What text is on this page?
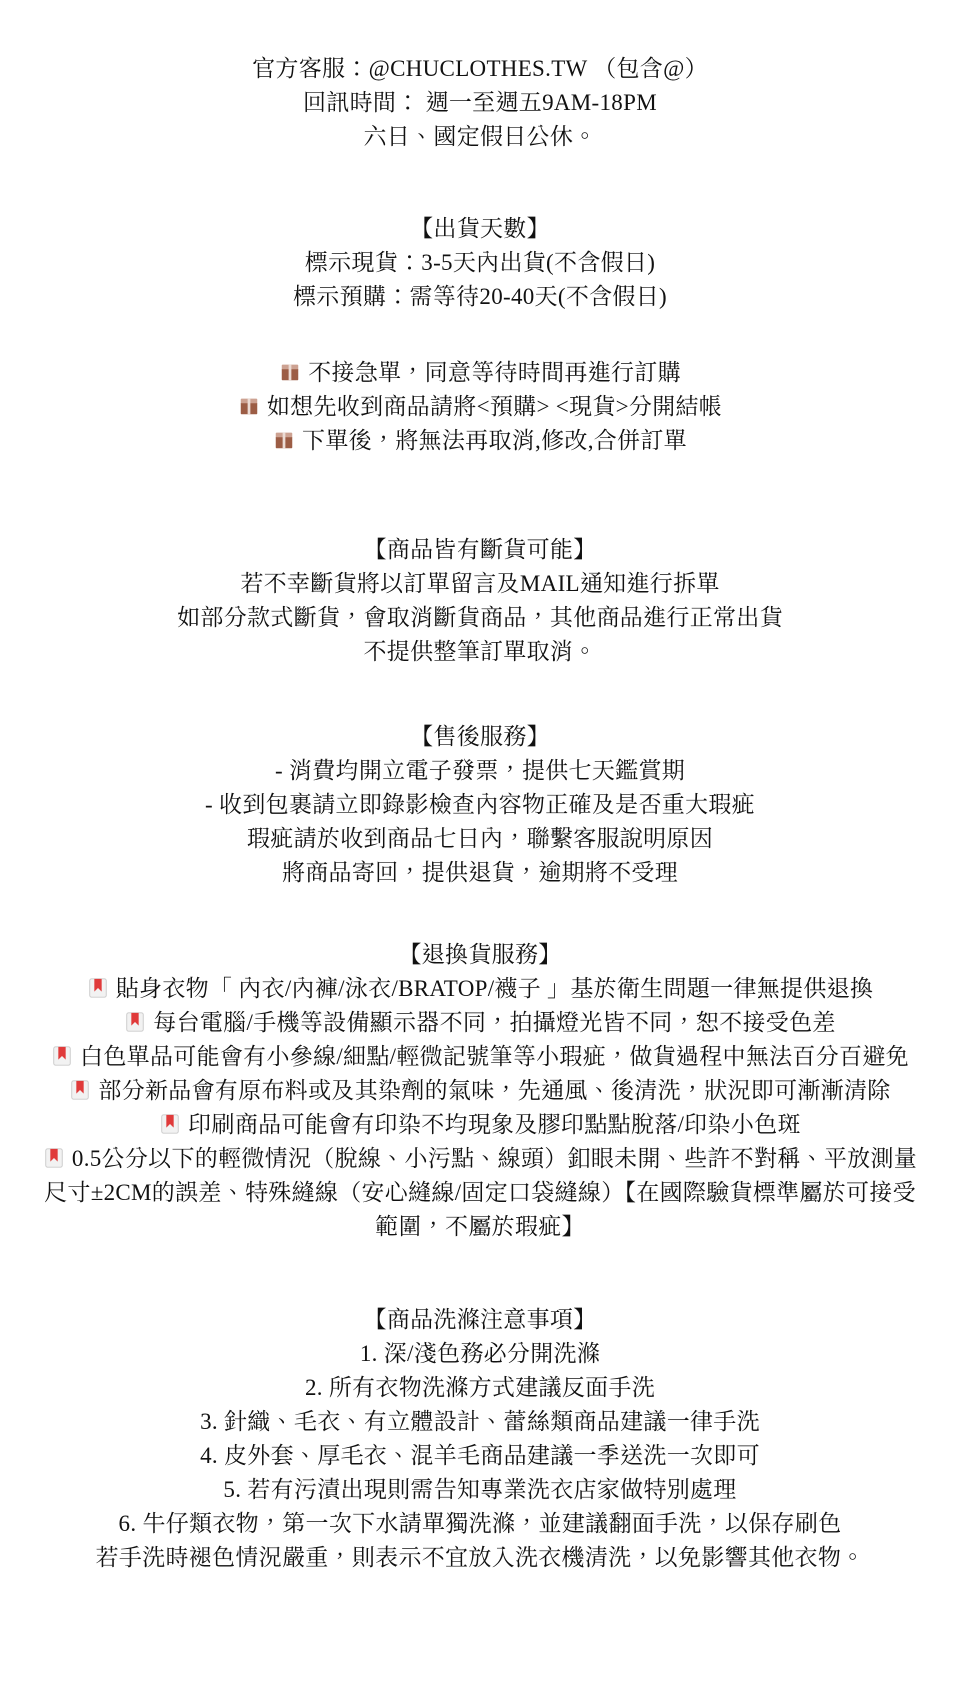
官方客服：@CHUCLOTHES.TW （包含@）

回訊時間： 週一至週五9AM-18PM

六日、國定假日公休。

【出貨天數】

標示現貨：3-5天內出貨(不含假日)

標示預購：需等待20-40天(不含假日)

不接急單，同意等待時間再進行訂購

如想先收到商品請將<預購> <現貨>分開結帳

下單後，將無法再取消,修改,合併訂單

【商品皆有斷貨可能】

若不幸斷貨將以訂單留言及MAIL通知進行拆單

如部分款式斷貨，會取消斷貨商品，其他商品進行正常出貨

不提供整筆訂單取消。

【售後服務】

- 消費均開立電子發票，提供七天鑑賞期

- 收到包裹請立即錄影檢查內容物正確及是否重大瑕疵

瑕疵請於收到商品七日內，聯繫客服說明原因

將商品寄回，提供退貨，逾期將不受理

【退換貨服務】

貼身衣物「 內衣/內褲/泳衣/BRATOP/襪子 」基於衛生問題一律無提供退換

每台電腦/手機等設備顯示器不同，拍攝燈光皆不同，恕不接受色差

白色單品可能會有小參線/細點/輕微記號筆等小瑕疵，做貨過程中無法百分百避免

部分新品會有原布料或及其染劑的氣味，先通風、後清洗，狀況即可漸漸清除

印刷商品可能會有印染不均現象及膠印點點脫落/印染小色斑

0.5公分以下的輕微情況（脫線、小污點、線頭）釦眼未開、些許不對稱、平放測量尺寸±2CM的誤差、特殊縫線（安心縫線/固定口袋縫線）【在國際驗貨標準屬於可接受範圍，不屬於瑕疵】

【商品洗滌注意事項】

1. 深/淺色務必分開洗滌

2. 所有衣物洗滌方式建議反面手洗

3. 針織、毛衣、有立體設計、蕾絲類商品建議一律手洗

4. 皮外套、厚毛衣、混羊毛商品建議一季送洗一次即可

5. 若有污漬出現則需告知專業洗衣店家做特別處理

6. 牛仔類衣物，第一次下水請單獨洗滌，並建議翻面手洗，以保存刷色

若手洗時褪色情況嚴重，則表示不宜放入洗衣機清洗，以免影響其他衣物。
